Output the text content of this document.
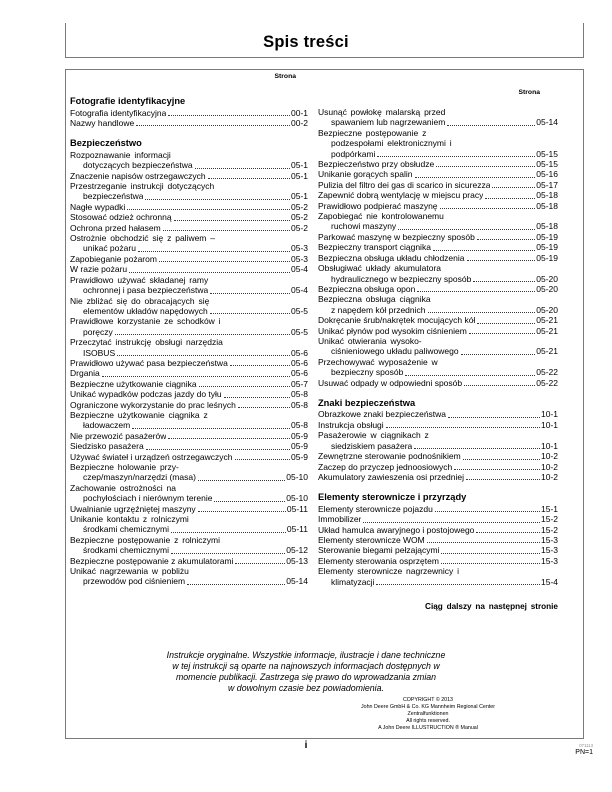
Spis treści
Strona
Strona
Fotografie identyfikacyjne
Fotografia identyfikacyjna	00-1
Nazwy handlowe	00-2
Bezpieczeństwo
Rozpoznawanie informacji
dotyczących bezpieczeństwa	05-1
Znaczenie napisów ostrzegawczych	05-1
Przestrzeganie instrukcji dotyczących
bezpieczeństwa	05-1
Nagłe wypadki	05-2
Stosować odzież ochronną	05-2
Ochrona przed hałasem	05-2
Ostrożnie obchodzić się z paliwem –
unikać pożaru	05-3
Zapobieganie pożarom	05-3
W razie pożaru	05-4
Prawidłowo używać składanej ramy
ochronnej i pasa bezpieczeństwa	05-4
Nie zbliżać się do obracających się
elementów układów napędowych	05-5
Prawidłowe korzystanie ze schodków i
poręczy	05-5
Przeczytać instrukcję obsługi narzędzia
ISOBUS	05-6
Prawidłowo używać pasa bezpieczeństwa	05-6
Drgania	05-6
Bezpieczne użytkowanie ciągnika	05-7
Unikać wypadków podczas jazdy do tyłu	05-8
Ograniczone wykorzystanie do prac leśnych	05-8
Bezpieczne użytkowanie ciągnika z
ładowaczem	05-8
Nie przewozić pasażerów	05-9
Siedzisko pasażera	05-9
Używać świateł i urządzeń ostrzegawczych	05-9
Bezpieczne holowanie przy-
czep/maszyn/narzędzi (masa)	05-10
Zachowanie ostrożności na
pochyłościach i nierównym terenie	05-10
Uwalnianie ugrzęźniętej maszyny	05-11
Unikanie kontaktu z rolniczymi
środkami chemicznymi	05-11
Bezpieczne postępowanie z rolniczymi
środkami chemicznymi	05-12
Bezpieczne postępowanie z akumulatorami	05-13
Unikać nagrzewania w pobliżu
przewodów pod ciśnieniem	05-14
Usunąć powłokę malarską przed
spawaniem lub nagrzewaniem	05-14
Bezpieczne postępowanie z
podzespołami elektronicznymi i
podpórkami	05-15
Bezpieczeństwo przy obsłudze	05-15
Unikanie gorących spalin	05-16
Pulizia del filtro dei gas di scarico in sicurezza	05-17
Zapewnić dobrą wentylację w miejscu pracy	05-18
Prawidłowo podpierać maszynę	05-18
Zapobiegać nie kontrolowanemu
ruchowi maszyny	05-18
Parkować maszynę w bezpieczny sposób	05-19
Bezpieczny transport ciągnika	05-19
Bezpieczna obsługa układu chłodzenia	05-19
Obsługiwać układy akumulatora
hydraulicznego w bezpieczny sposób	05-20
Bezpieczna obsługa opon	05-20
Bezpieczna obsługa ciągnika
z napędem kół przednich	05-20
Dokręcanie śrub/nakrętek mocujących kół	05-21
Unikać płynów pod wysokim ciśnieniem	05-21
Unikać otwierania wysoko-
ciśnieniowego układu paliwowego	05-21
Przechowywać wyposażenie w
bezpieczny sposób	05-22
Usuwać odpady w odpowiedni sposób	05-22
Znaki bezpieczeństwa
Obrazkowe znaki bezpieczeństwa	10-1
Instrukcja obsługi	10-1
Pasażerowie w ciągnikach z
siedziskiem pasażera	10-1
Zewnętrzne sterowanie podnośnikiem	10-2
Zaczep do przyczep jednoosiowych	10-2
Akumulatory zawieszenia osi przedniej	10-2
Elementy sterownicze i przyrządy
Elementy sterownicze pojazdu	15-1
Immobilizer	15-2
Układ hamulca awaryjnego i postojowego	15-2
Elementy sterownicze WOM	15-3
Sterowanie biegami pełzającymi	15-3
Elementy sterowania osprzętem	15-3
Elementy sterownicze nagrzewnicy i
klimatyzacji	15-4
Ciąg dalszy na następnej stronie
Instrukcje oryginalne. Wszystkie informacje, ilustracje i dane techniczne
w tej instrukcji są oparte na najnowszych informacjach dostępnych w
momencie publikacji. Zastrzega się prawo do wprowadzania zmian
w dowolnym czasie bez powiadomienia.
COPYRIGHT © 2013
John Deere GmbH & Co. KG Mannheim Regional Center
Zentralfunktionen
All rights reserved.
A John Deere ILLUSTRUCTION ® Manual
i	071113
PN=1
